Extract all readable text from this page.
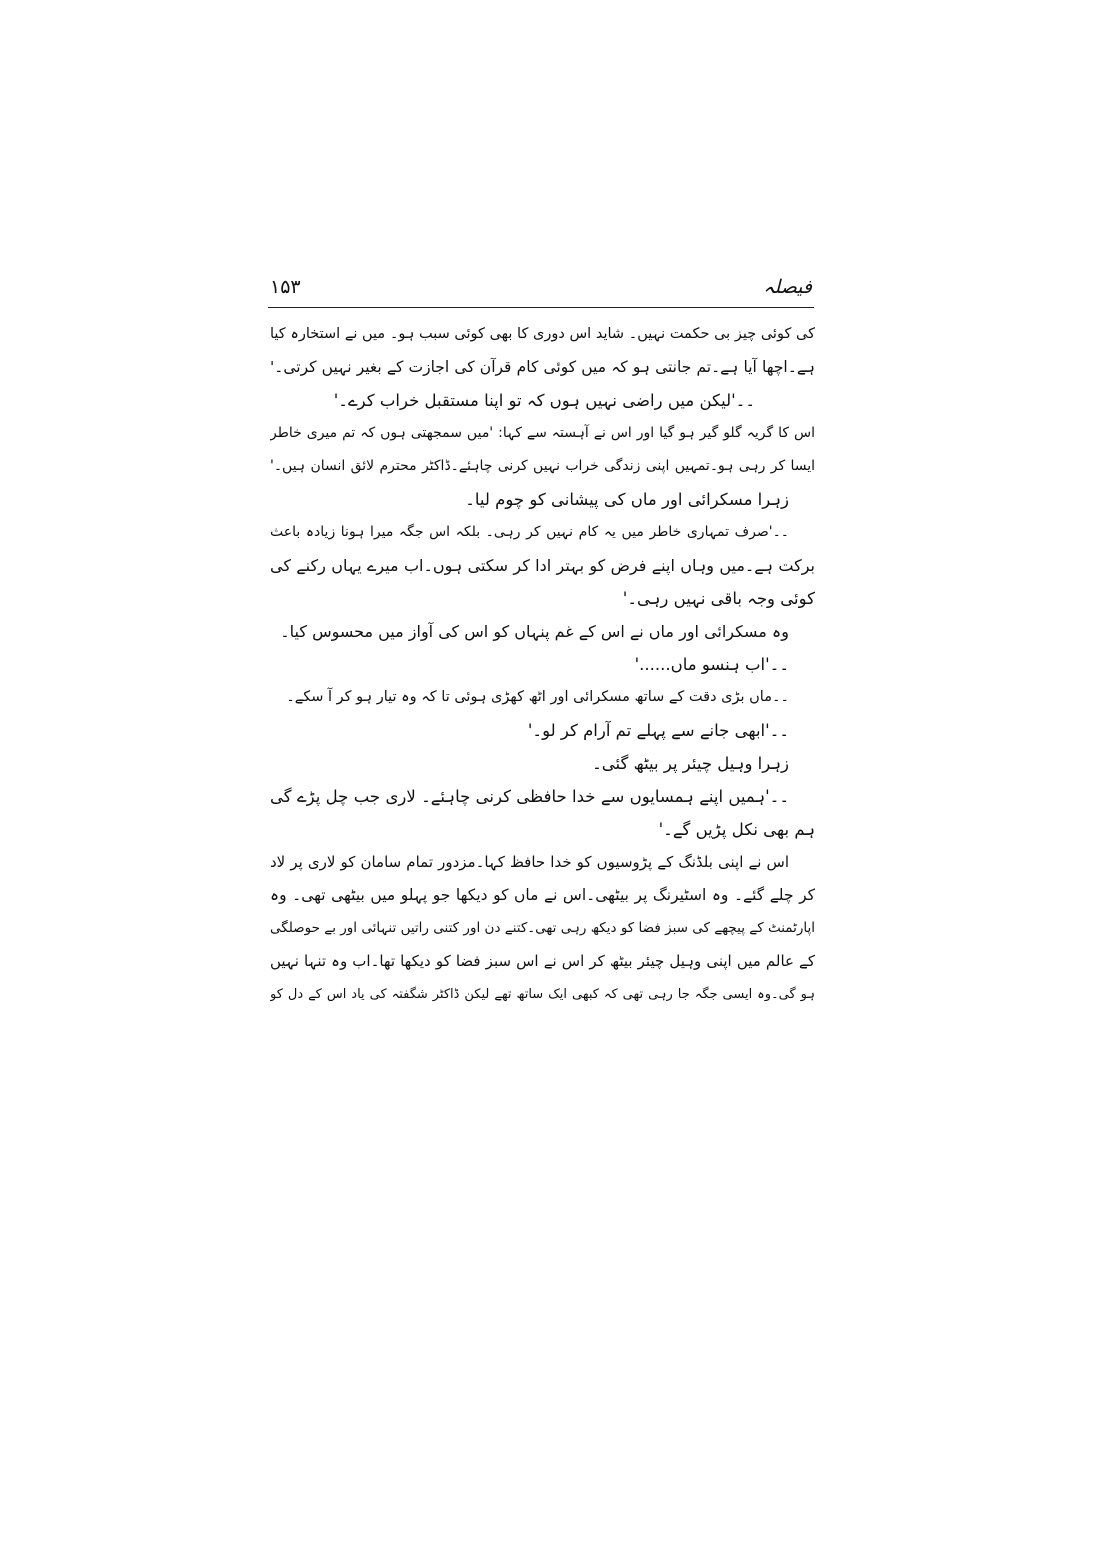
فیصلہ
۱۵۳
کی کوئی چیز بی حکمت نہیں۔ شاید اس دوری کا بھی کوئی سبب ہو۔ میں نے استخارہ کیا
ہے۔اچھا آیا ہے۔تم جانتی ہو کہ میں کوئی کام قرآن کی اجازت کے بغیر نہیں کرتی۔'
۔۔'لیکن میں راضی نہیں ہوں کہ تو اپنا مستقبل خراب کرے۔'
اس کا گریہ گلو گیر ہو گیا اور اس نے آہستہ سے کہا: 'میں سمجھتی ہوں کہ تم میری خاطر
ایسا کر رہی ہو۔تمہیں اپنی زندگی خراب نہیں کرنی چاہئے۔ڈاکٹر محترم لائق انسان ہیں۔'
زہرا مسکرائی اور ماں کی پیشانی کو چوم لیا۔
۔۔'صرف تمہاری خاطر میں یہ کام نہیں کر رہی۔ بلکہ اس جگہ میرا ہونا زیادہ باعث
برکت ہے۔میں وہاں اپنے فرض کو بہتر ادا کر سکتی ہوں۔اب میرے یہاں رکنے کی
کوئی وجہ باقی نہیں رہی۔'
وہ مسکرائی اور ماں نے اس کے غم پنہاں کو اس کی آواز میں محسوس کیا۔
۔۔'اب ہنسو ماں......'
۔۔ماں بڑی دقت کے ساتھ مسکرائی اور اٹھ کھڑی ہوئی تا کہ وہ تیار ہو کر آ سکے۔
۔۔'ابھی جانے سے پہلے تم آرام کر لو۔'
زہرا وہیل چیئر پر بیٹھ گئی۔
۔۔'ہمیں اپنے ہمسایوں سے خدا حافظی کرنی چاہئے۔ لاری جب چل پڑے گی
ہم بھی نکل پڑیں گے۔'
اس نے اپنی بلڈنگ کے پڑوسیوں کو خدا حافظ کہا۔مزدور تمام سامان کو لاری پر لاد
کر چلے گئے۔ وہ اسٹیرنگ پر بیٹھی۔اس نے ماں کو دیکھا جو پہلو میں بیٹھی تھی۔ وہ
اپارٹمنٹ کے پیچھے کی سبز فضا کو دیکھ رہی تھی۔کتنے دن اور کتنی راتیں تنہائی اور بے حوصلگی
کے عالم میں اپنی وہیل چیئر بیٹھ کر اس نے اس سبز فضا کو دیکھا تھا۔اب وہ تنہا نہیں
ہو گی۔وہ ایسی جگہ جا رہی تھی کہ کبھی ایک ساتھ تھے لیکن ڈاکٹر شگفتہ کی یاد اس کے دل کو
